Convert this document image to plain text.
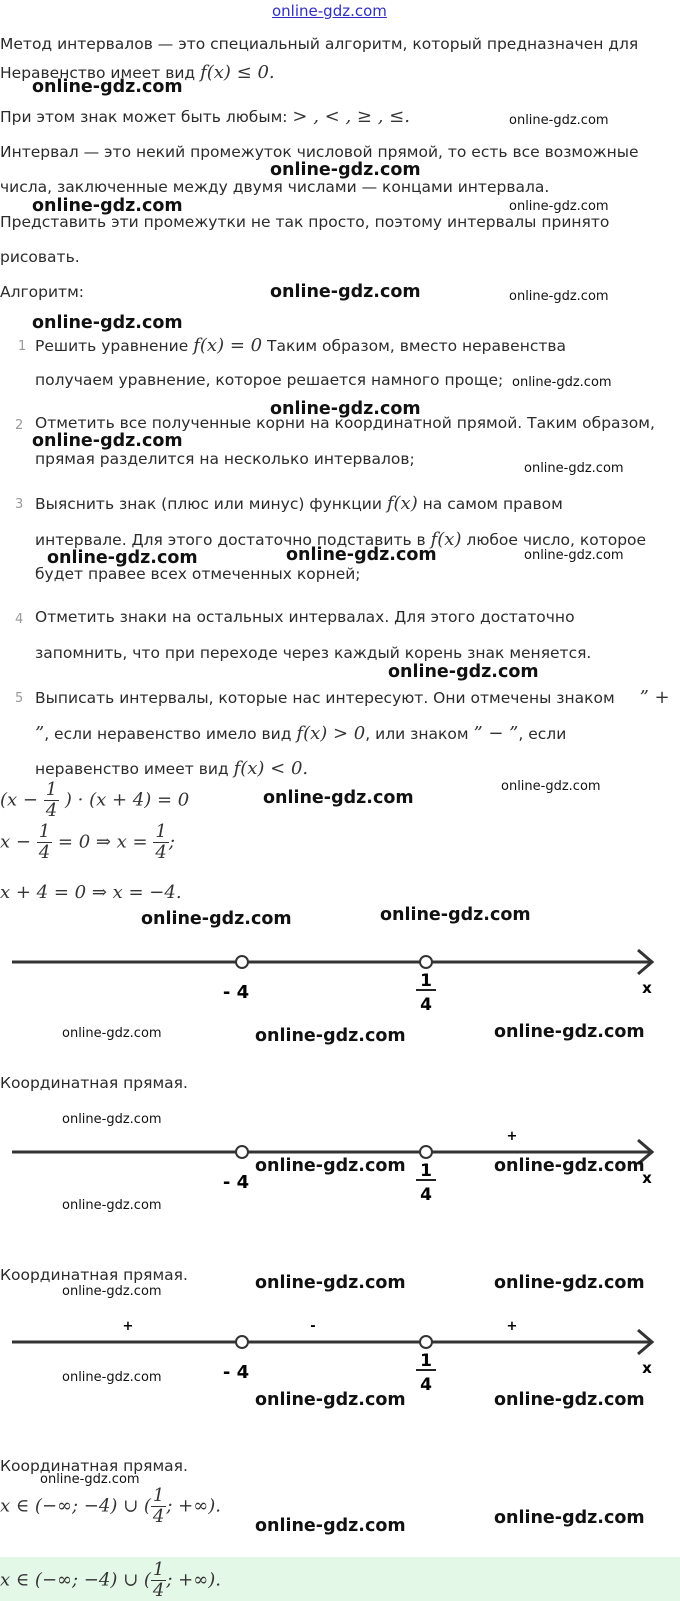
online-gdz.com
Метод интервалов — это специальный алгоритм, который предназначен для
Неравенство имеет вид f(x) ≤ 0.
При этом знак может быть любым: > , < , ≥ , ≤.
Интервал — это некий промежуток числовой прямой, то есть все возможные
числа, заключенные между двумя числами — концами интервала.
Представить эти промежутки не так просто, поэтому интервалы принято
рисовать.
Алгоритм:
1 Решить уравнение f(x) = 0 Таким образом, вместо неравенства
получаем уравнение, которое решается намного проще;
2 Отметить все полученные корни на координатной прямой. Таким образом,
прямая разделится на несколько интервалов;
3 Выяснить знак (плюс или минус) функции f(x) на самом правом
интервале. Для этого достаточно подставить в f(x) любое число, которое
будет правее всех отмеченных корней;
4 Отметить знаки на остальных интервалах. Для этого достаточно
запомнить, что при переходе через каждый корень знак меняется.
5 Выписать интервалы, которые нас интересуют. Они отмечены знаком ” +
”, если неравенство имело вид f(x) > 0, или знаком ” − ”, если
неравенство имеет вид f(x) < 0.
($x - \frac{1}{4}$ ) · (x + 4) = 0
$x - \frac{1}{4} = 0$ ⇒ $x = \frac{1}{4}$ ;
x + 4 = 0 ⇒ x = −4.
- 4
1
4
x
Координатная прямая.
+
- 4
1
4
x
Координатная прямая.
+	-	+
- 4
1
4
x
Координатная прямая.
x ∈ (−∞; −4) ∪ ( $\frac{1}{4}$ ; +∞).
x ∈ (−∞; −4) ∪ ( $\frac{1}{4}$ ; +∞).
online-gdz.com
online-gdz.com
online-gdz.com
online-gdz.com
online-gdz.com
online-gdz.com
online-gdz.com
online-gdz.com
online-gdz.com
online-gdz.com
online-gdz.com
online-gdz.com
online-gdz.com
online-gdz.com	online-gdz.com
online-gdz.com	online-gdz.com
online-gdz.com	online-gdz.com
online-gdz.com	online-gdz.com
online-gdz.com	online-gdz.com
online-gdz.com
online-gdz.com
online-gdz.com
online-gdz.com
online-gdz.com
online-gdz.com
online-gdz.com
online-gdz.com
online-gdz.com
online-gdz.com
online-gdz.com
online-gdz.com
online-gdz.com
